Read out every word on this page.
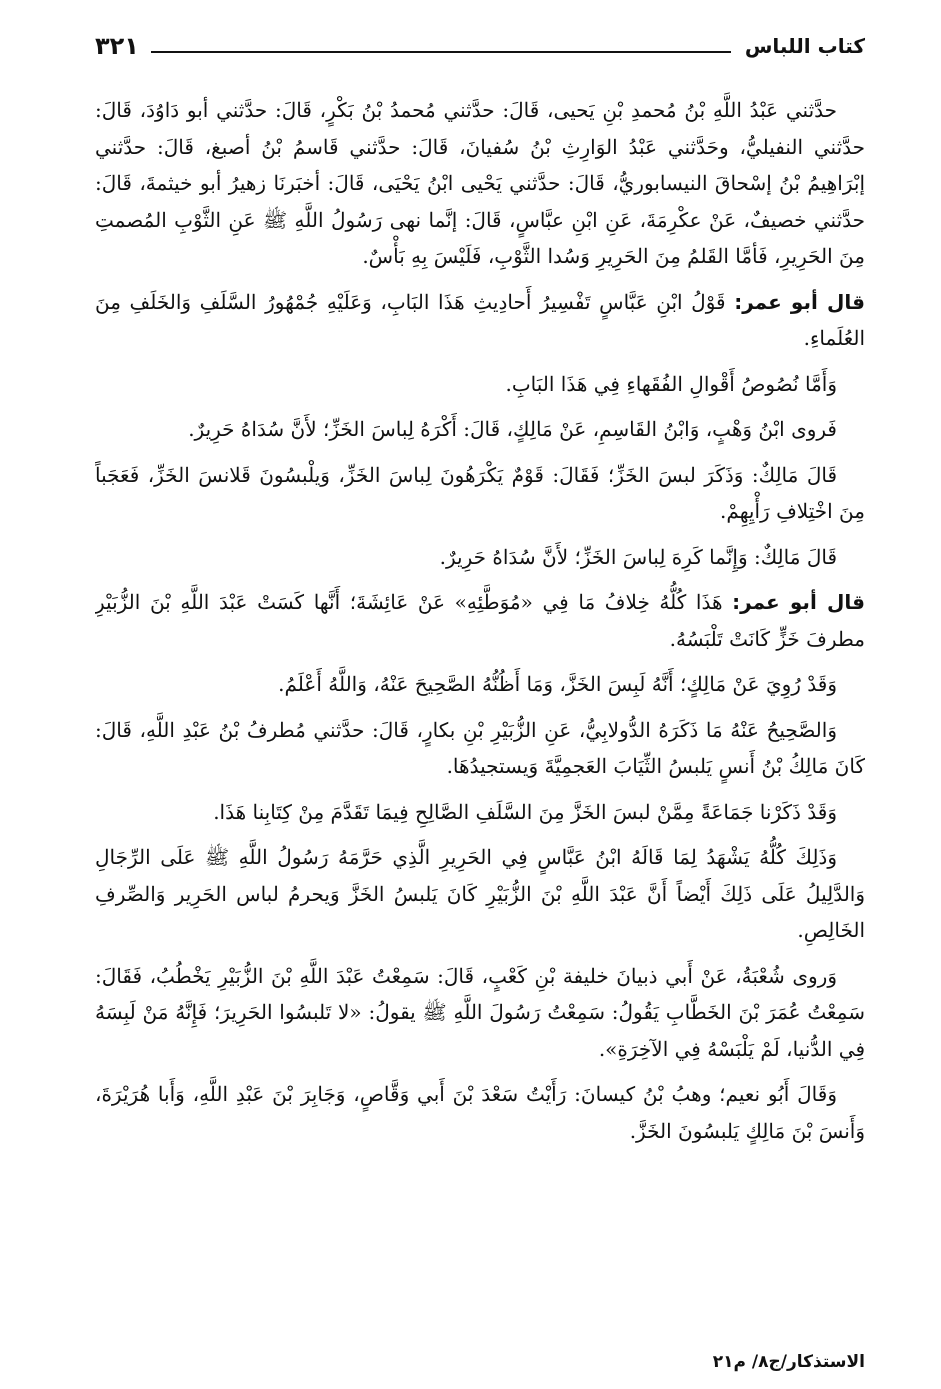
كتاب اللباس
٣٢١

حدَّثني عَبْدُ اللَّهِ بْنُ مُحمدِ بْنِ يَحيى، قَالَ: حدَّثني مُحمدُ بْنُ بَكْرٍ، قَالَ: حدَّثني أبو دَاوُدَ، قَالَ: حدَّثني النفيليُّ، وحَدَّثني عَبْدُ الوَارِثِ بْنُ سُفيانَ، قَالَ: حدَّثني قَاسمُ بْنُ أصبغ، قَالَ: حدَّثني إبْرَاهِيمُ بْنُ إسْحاقَ النيسابوريُّ، قَالَ: حدَّثني يَحْيى ابْنُ يَحْيَى، قَالَ: أخبَرنَا زهيرُ أبو خيثمةَ، قَالَ: حدَّثني خصيفٌ، عَنْ عكْرِمَةَ، عَنِ ابْنِ عبَّاسٍ، قَالَ: إنَّما نهى رَسُولُ اللَّهِ ﷺ عَنِ الثَّوْبِ المُصمتِ مِنَ الحَرِيرِ، فَأمَّا القَلمُ مِنَ الحَرِيرِ وَسُدا الثَّوْبِ، فَلَيْسَ بِهِ بَأْسٌ.

قال أبو عمر: قَوْلُ ابْنِ عَبَّاسٍ تَفْسِيرُ أَحادِيثِ هَذَا البَابِ، وَعَلَيْهِ جُمْهُورُ السَّلَفِ وَالخَلَفِ مِنَ العُلَماءِ.

وَأَمَّا نُصُوصُ أَقْوالِ الفُقَهاءِ فِي هَذَا البَابِ.

فَروى ابْنُ وَهْبٍ، وَابْنُ القَاسِمِ، عَنْ مَالِكٍ، قَالَ: أَكْرَهُ لِباسَ الخَزِّ؛ لأَنَّ سُدَاهُ حَرِيرٌ.

قَالَ مَالِكٌ: وَذَكَرَ لبسَ الخَزِّ؛ فَقَالَ: قَوْمٌ يَكْرَهُونَ لِباسَ الخَزِّ، وَيلْبسُونَ قَلانسَ الخَزِّ، فَعَجَباً مِنَ اخْتِلافِ رَأْيِهِمْ.

قَالَ مَالِكٌ: وَإِنَّما كَرِهَ لِباسَ الخَزِّ؛ لأَنَّ سُدَاهُ حَرِيرٌ.

قال أبو عمر: هَذَا كُلُّهُ خِلافُ مَا فِي «مُوَطَّئِهِ» عَنْ عَائِشَةَ؛ أَنَّها كَسَتْ عَبْدَ اللَّهِ بْنَ الزُّبَيْرِ مطرفَ خَزٍّ كَانَتْ تَلْبَسُهُ.

وَقَدْ رُوِيَ عَنْ مَالِكٍ؛ أَنَّهُ لَبِسَ الخَزَّ، وَمَا أَظُنُّهُ الصَّحِيحَ عَنْهُ، وَاللَّهُ أَعْلَمُ.

وَالصَّحِيحُ عَنْهُ مَا ذَكَرَهُ الدُّولابِيُّ، عَنِ الزُّبَيْرِ بْنِ بكارٍ، قَالَ: حدَّثني مُطرفُ بْنُ عَبْدِ اللَّهِ، قَالَ: كَانَ مَالِكُ بْنُ أَنسٍ يَلبسُ الثِّيَابَ العَجمِيَّةَ وَيستجيدُهَا.

وَقَدْ ذَكَرْنا جَمَاعَةً مِمَّنْ لبسَ الخَزَّ مِنَ السَّلَفِ الصَّالِحِ فِيمَا تَقَدَّمَ مِنْ كِتَابِنا هَذَا.

وَذَلِكَ كُلُّهُ يَشْهَدُ لِمَا قَالَهُ ابْنُ عَبَّاسٍ فِي الحَرِيرِ الَّذِي حَرَّمَهُ رَسُولُ اللَّهِ ﷺ عَلَى الرِّجَالِ وَالدَّلِيلُ عَلَى ذَلِكَ أَيْضاً أَنَّ عَبْدَ اللَّهِ بْنَ الزُّبَيْرِ كَانَ يَلبسُ الخَزَّ وَيحرمُ لباس الحَرِير وَالصِّرفِ الخَالِصِ.

وَروى شُعْبَةُ، عَنْ أَبي ذبيانَ خليفة بْنِ كَعْبٍ، قَالَ: سَمِعْتُ عَبْدَ اللَّهِ بْنَ الزُّبَيْرِ يَخْطُبُ، فَقَالَ: سَمِعْتُ عُمَرَ بْنَ الخَطَّابِ يَقُولُ: سَمِعْتُ رَسُولَ اللَّهِ ﷺ يقولُ: «لا تَلبسُوا الحَرِيرَ؛ فَإِنَّهُ مَنْ لَبِسَهُ فِي الدُّنيا، لَمْ يَلْبَسْهُ فِي الآخِرَةِ».

وَقَالَ أَبُو نعيم؛ وهبُ بْنُ كيسانَ: رَأَيْتُ سَعْدَ بْنَ أَبي وَقَّاصٍ، وَجَابِرَ بْنَ عَبْدِ اللَّهِ، وَأَبا هُرَيْرَةَ، وَأَنسَ بْنَ مَالِكٍ يَلبسُونَ الخَزَّ.

الاستذكار/ج٨/ م٢١
